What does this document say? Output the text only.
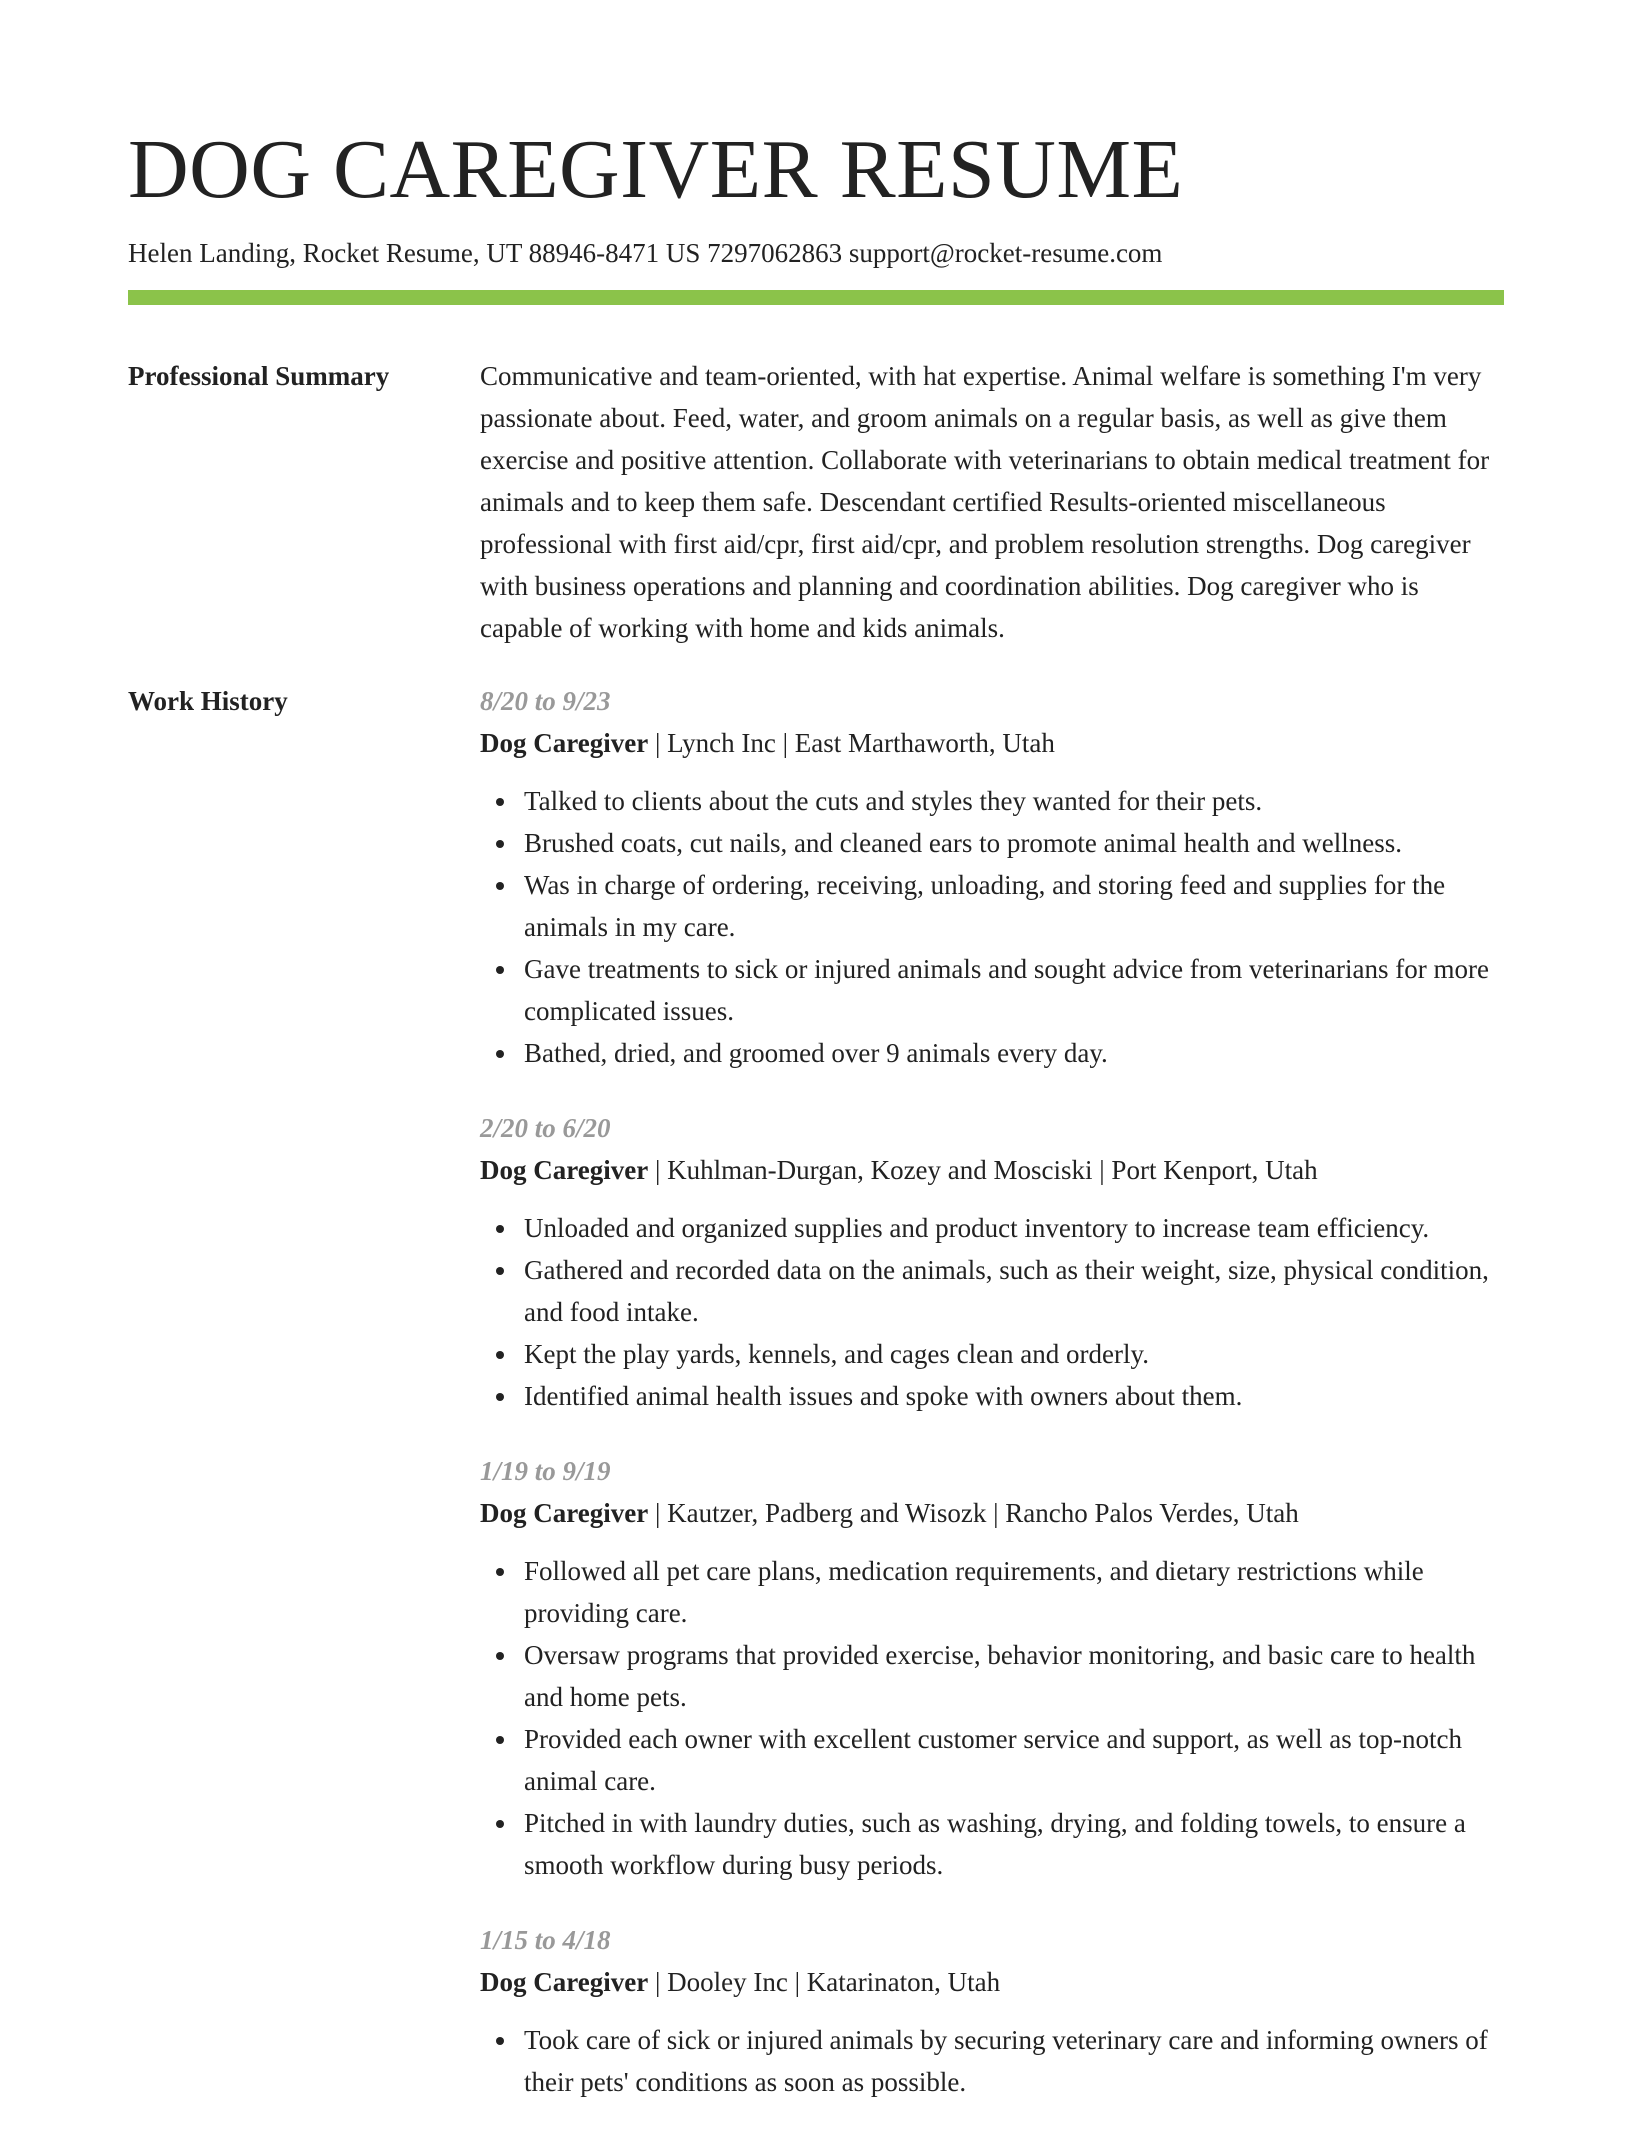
DOG CAREGIVER RESUME
Helen Landing, Rocket Resume, UT 88946-8471 US 7297062863 support@rocket-resume.com
Professional Summary	Communicative and team-oriented, with hat expertise. Animal welfare is something I'm very passionate about. Feed, water, and groom animals on a regular basis, as well as give them exercise and positive attention. Collaborate with veterinarians to obtain medical treatment for animals and to keep them safe. Descendant certified Results-oriented miscellaneous professional with first aid/cpr, first aid/cpr, and problem resolution strengths. Dog caregiver with business operations and planning and coordination abilities. Dog caregiver who is capable of working with home and kids animals.

Work History	8/20 to 9/23
Dog Caregiver | Lynch Inc | East Marthaworth, Utah
Talked to clients about the cuts and styles they wanted for their pets.
Brushed coats, cut nails, and cleaned ears to promote animal health and wellness.
Was in charge of ordering, receiving, unloading, and storing feed and supplies for the animals in my care.
Gave treatments to sick or injured animals and sought advice from veterinarians for more complicated issues.
Bathed, dried, and groomed over 9 animals every day.
2/20 to 6/20
Dog Caregiver | Kuhlman-Durgan, Kozey and Mosciski | Port Kenport, Utah
Unloaded and organized supplies and product inventory to increase team efficiency.
Gathered and recorded data on the animals, such as their weight, size, physical condition, and food intake.
Kept the play yards, kennels, and cages clean and orderly.
Identified animal health issues and spoke with owners about them.
1/19 to 9/19
Dog Caregiver | Kautzer, Padberg and Wisozk | Rancho Palos Verdes, Utah
Followed all pet care plans, medication requirements, and dietary restrictions while providing care.
Oversaw programs that provided exercise, behavior monitoring, and basic care to health and home pets.
Provided each owner with excellent customer service and support, as well as top-notch animal care.
Pitched in with laundry duties, such as washing, drying, and folding towels, to ensure a smooth workflow during busy periods.
1/15 to 4/18
Dog Caregiver | Dooley Inc | Katarinaton, Utah
Took care of sick or injured animals by securing veterinary care and informing owners of their pets' conditions as soon as possible.
